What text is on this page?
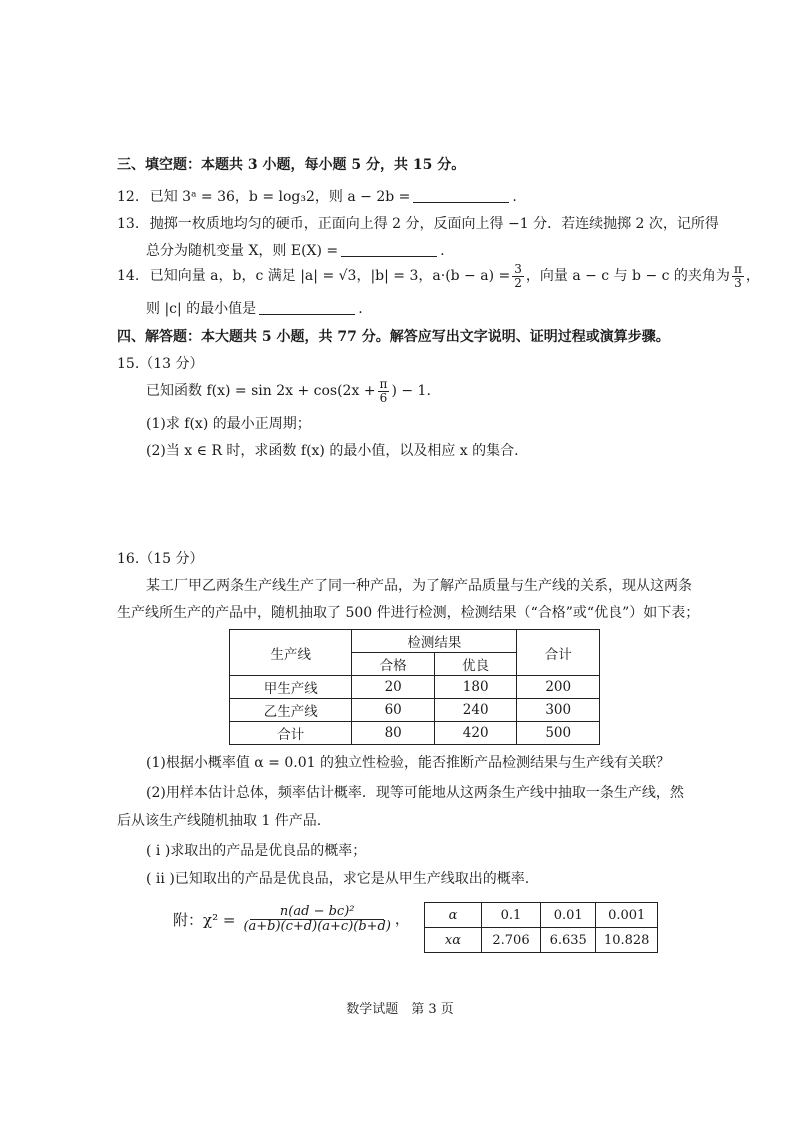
三、填空题：本题共 3 小题，每小题 5 分，共 15 分。
12. 已知 3ᵃ = 36，b = log₃2，则 a − 2b =	.
13. 抛掷一枚质地均匀的硬币，正面向上得 2 分，反面向上得 −1 分．若连续抛掷 2 次，记所得
总分为随机变量 X，则 E(X) =	.
14. 已知向量 a，b，c 满足 |a| = √3，|b| = 3，$a\cdot(b - a) = \frac{3}{2}$ ，向量 a − c 与 b − c 的夹角为 $\frac{\pi}{3}$ ，
则 |c| 的最小值是	.
四、解答题：本大题共 5 小题，共 77 分。解答应写出文字说明、证明过程或演算步骤。
15.（13 分）
已知函数 $f(x) = \sin 2x + \cos(2x + \frac{\pi}{6}$ ) − 1.
(1)求 f(x) 的最小正周期；
(2)当 x ∈ R 时，求函数 f(x) 的最小值，以及相应 x 的集合.
16.（15 分）
某工厂甲乙两条生产线生产了同一种产品，为了解产品质量与生产线的关系，现从这两条
生产线所生产的产品中，随机抽取了 500 件进行检测，检测结果（“合格”或“优良”）如下表；
生产线	检测结果		合计
	合格	优良	
甲生产线	20	180	200
乙生产线	60	240	300
合计	80	420	500
(1)根据小概率值 α = 0.01 的独立性检验，能否推断产品检测结果与生产线有关联？
(2)用样本估计总体，频率估计概率．现等可能地从这两条生产线中抽取一条生产线，然
后从该生产线随机抽取 1 件产品.
( ⅰ )求取出的产品是优良品的概率；
( ⅱ )已知取出的产品是优良品，求它是从甲生产线取出的概率.
附：$\chi^2 = \frac{\text{n(ad − bc)²}}{(a+b)(c+d)(a+c)(b+d)}$ ，	α	0.1	0.01	0.001
xα	2.706	6.635	10.828
数学试题　第 3 页
